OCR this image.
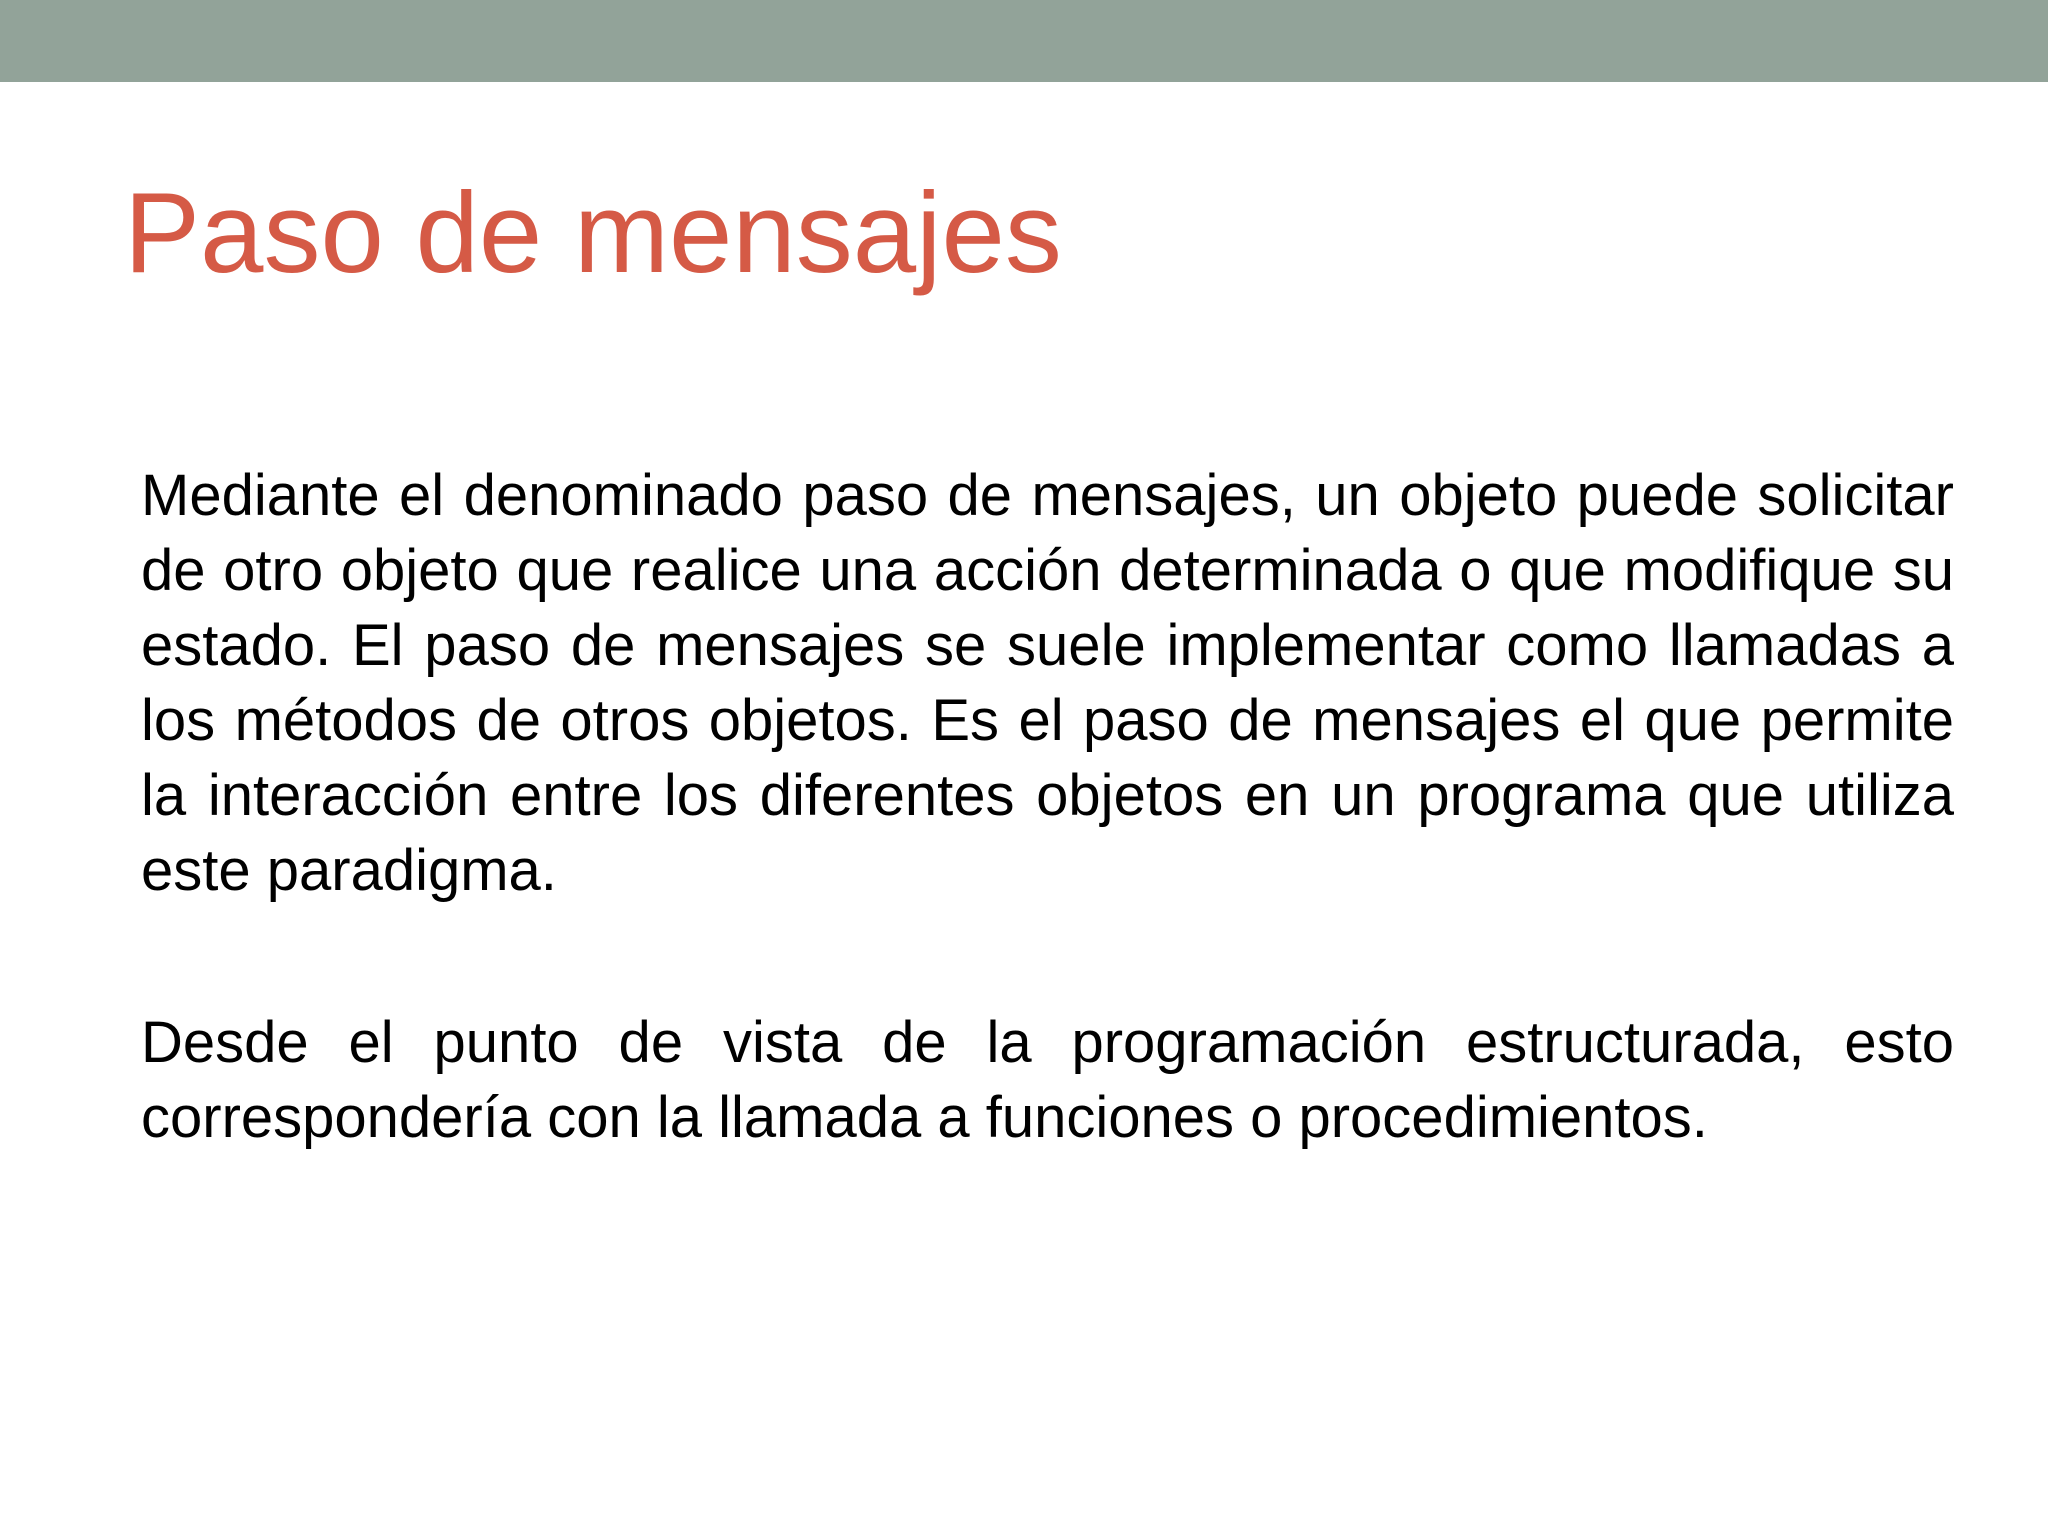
Paso de mensajes

Mediante el denominado paso de mensajes, un objeto puede solicitar de otro objeto que realice una acción determinada o que modifique su estado. El paso de mensajes se suele implementar como llamadas a los métodos de otros objetos. Es el paso de mensajes el que permite la interacción entre los diferentes objetos en un programa que utiliza este paradigma.

Desde el punto de vista de la programación estructurada, esto correspondería con la llamada a funciones o procedimientos.
